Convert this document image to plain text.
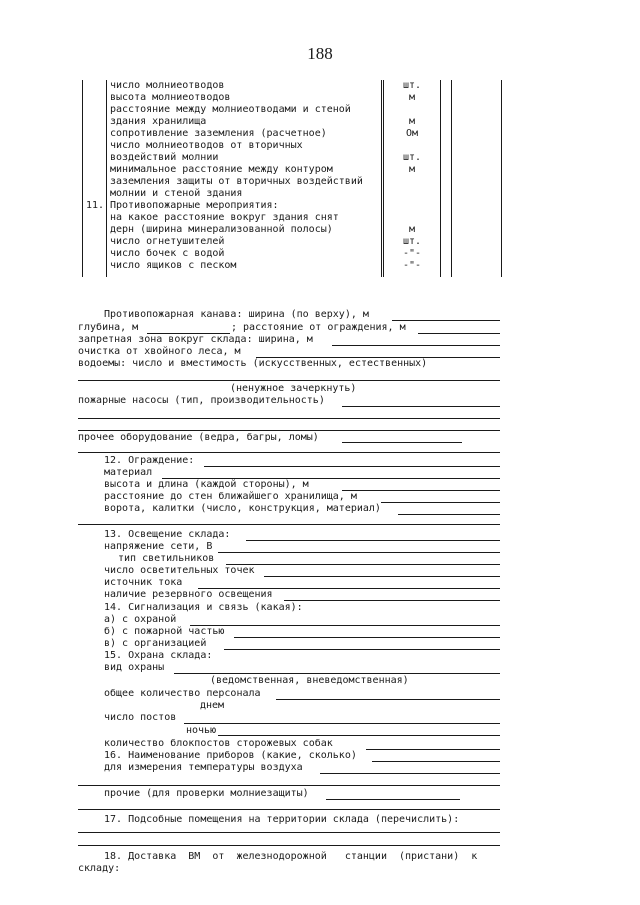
188
число молниеотводов	шт.
высота молниеотводов	м
расстояние между молниеотводами и стеной
здания хранилища	м
сопротивление заземления (расчетное)	Ом
число молниеотводов от вторичных
воздействий молнии	шт.
минимальное расстояние между контуром	м
заземления защиты от вторичных воздействий
молнии и стеной здания
11. Противопожарные мероприятия:
на какое расстояние вокруг здания снят
дерн (ширина минерализованной полосы)	м
число огнетушителей	шт.
число бочек с водой	-"-
число ящиков с песком	-"-
Противопожарная канава: ширина (по верху), м
глубина, м	; расстояние от ограждения, м
запретная зона вокруг склада: ширина, м
очистка от хвойного леса, м
водоемы: число и вместимость (искусственных, естественных)
(ненужное зачеркнуть)
пожарные насосы (тип, производительность)
прочее оборудование (ведра, багры, ломы)
12. Ограждение:
материал
высота и длина (каждой стороны), м
расстояние до стен ближайшего хранилища, м
ворота, калитки (число, конструкция, материал)
13. Освещение склада:
напряжение сети, В
тип светильников
число осветительных точек
источник тока
наличие резервного освещения
14. Сигнализация и связь (какая):
а) с охраной
б) с пожарной частью
в) с организацией
15. Охрана склада:
вид охраны
(ведомственная, вневедомственная)
общее количество персонала
днем
число постов
ночью
количество блокпостов сторожевых собак
16. Наименование приборов (какие, сколько)
для измерения температуры воздуха
прочие (для проверки молниезащиты)
17. Подсобные помещения на территории склада (перечислить):
18. Доставка  ВМ  от  железнодорожной   станции  (пристани)  к
складу:
